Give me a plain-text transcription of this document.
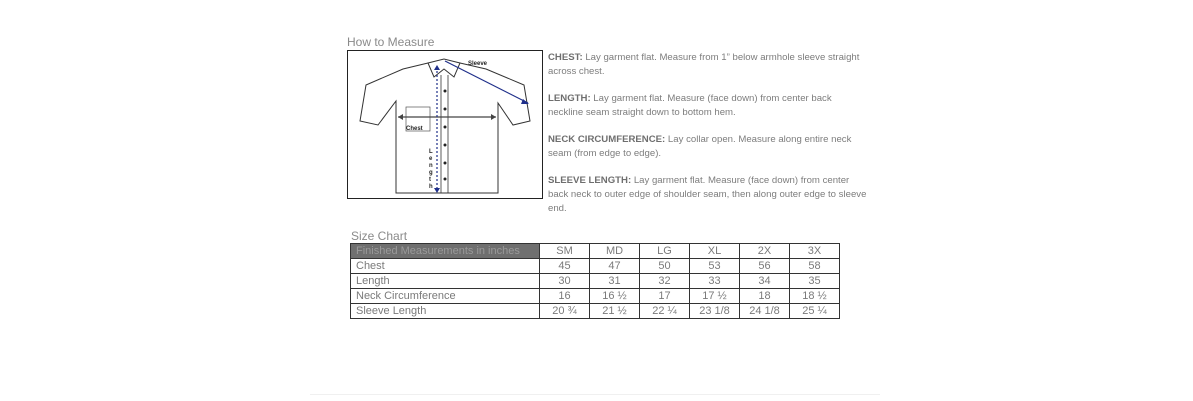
How to Measure
Sleeve
Chest
L
e
n
g
t
h

CHEST: Lay garment flat. Measure from 1” below armhole sleeve straight across chest.

LENGTH: Lay garment flat. Measure (face down) from center back neckline seam straight down to bottom hem.

NECK CIRCUMFERENCE: Lay collar open. Measure along entire neck seam (from edge to edge).

SLEEVE LENGTH: Lay garment flat. Measure (face down) from center back neck to outer edge of shoulder seam, then along outer edge to sleeve end.

Size Chart
Finished Measurements in inches	SM	MD	LG	XL	2X	3X
Chest	45	47	50	53	56	58
Length	30	31	32	33	34	35
Neck Circumference	16	16 ½	17	17 ½	18	18 ½
Sleeve Length	20 ¾	21 ½	22 ¼	23 1/8	24 1/8	25 ¼
